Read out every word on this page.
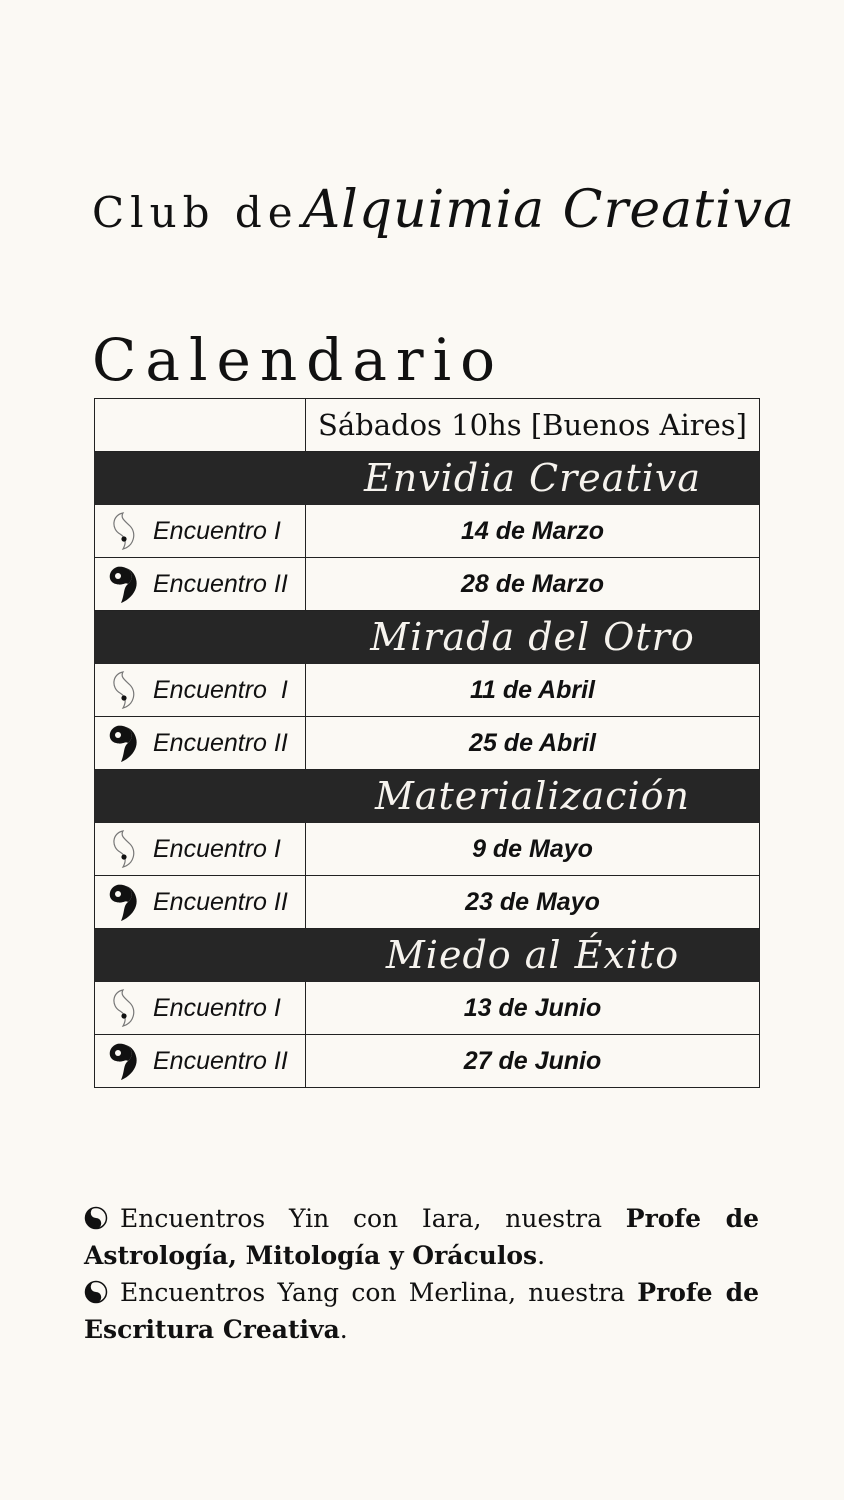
Club de Alquimia Creativa
Calendario
	Sábados 10hs [Buenos Aires]
	Envidia Creativa

Encuentro I	14 de Marzo

Encuentro II	28 de Marzo
	Mirada del Otro

Encuentro  I	11 de Abril

Encuentro II	25 de Abril
	Materialización

Encuentro I	9 de Mayo

Encuentro II	23 de Mayo
	Miedo al Éxito

Encuentro I	13 de Junio

Encuentro II	27 de Junio

Encuentros Yin con Iara, nuestra Profe de Astrología, Mitología y Oráculos.

Encuentros Yang con Merlina, nuestra Profe de Escritura Creativa.
